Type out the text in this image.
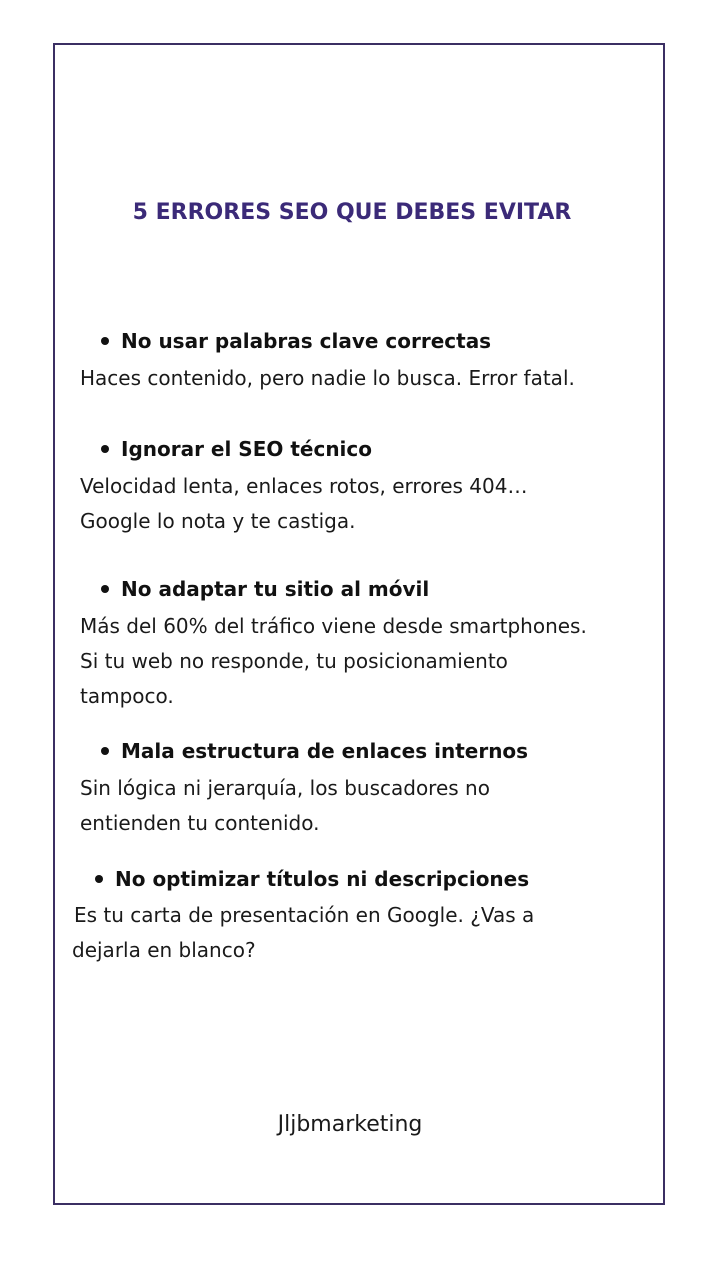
5 ERRORES SEO QUE DEBES EVITAR
No usar palabras clave correctas
Haces contenido, pero nadie lo busca. Error fatal.
Ignorar el SEO técnico
Velocidad lenta, enlaces rotos, errores 404…
Google lo nota y te castiga.
No adaptar tu sitio al móvil
Más del 60% del tráfico viene desde smartphones.
Si tu web no responde, tu posicionamiento
tampoco.
Mala estructura de enlaces internos
Sin lógica ni jerarquía, los buscadores no
entienden tu contenido.
No optimizar títulos ni descripciones
Es tu carta de presentación en Google. ¿Vas a
dejarla en blanco?
Jljbmarketing
